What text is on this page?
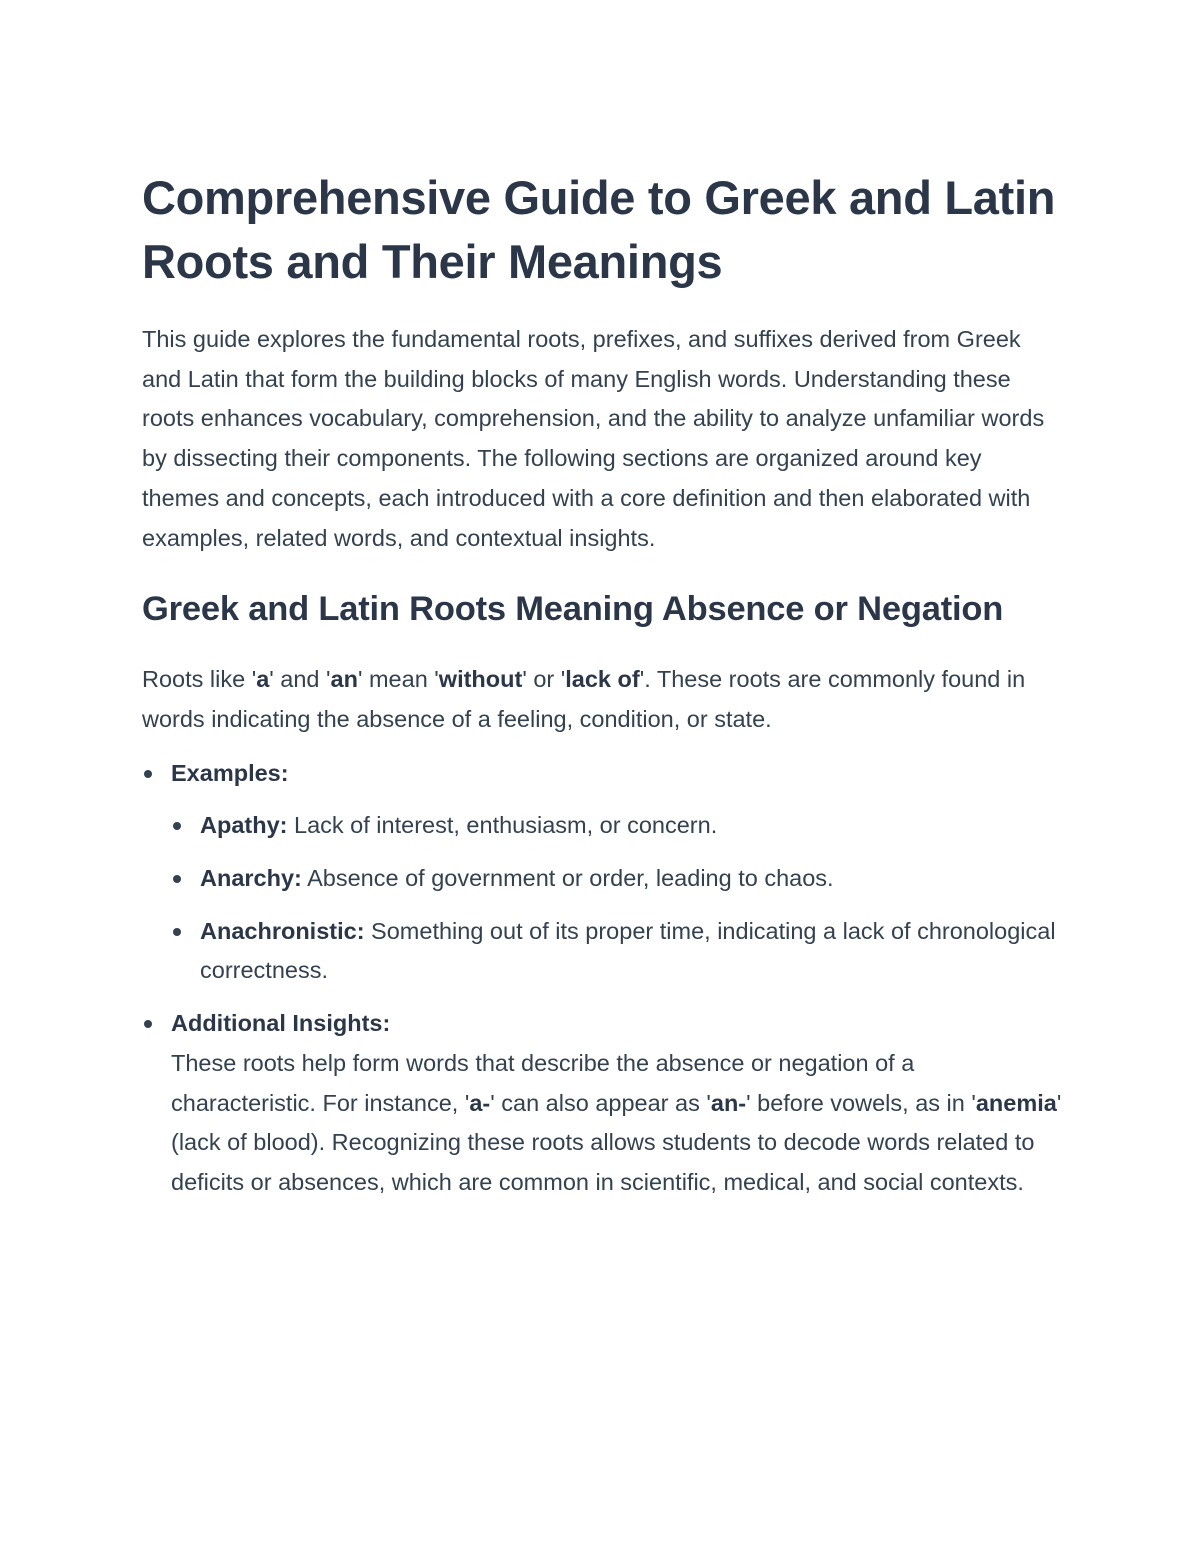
Comprehensive Guide to Greek and Latin Roots and Their Meanings

This guide explores the fundamental roots, prefixes, and suffixes derived from Greek and Latin that form the building blocks of many English words. Understanding these roots enhances vocabulary, comprehension, and the ability to analyze unfamiliar words by dissecting their components. The following sections are organized around key themes and concepts, each introduced with a core definition and then elaborated with examples, related words, and contextual insights.

Greek and Latin Roots Meaning Absence or Negation

Roots like 'a' and 'an' mean 'without' or 'lack of'. These roots are commonly found in words indicating the absence of a feeling, condition, or state.

Examples:
Apathy: Lack of interest, enthusiasm, or concern.
Anarchy: Absence of government or order, leading to chaos.
Anachronistic: Something out of its proper time, indicating a lack of chronological correctness.
Additional Insights:
These roots help form words that describe the absence or negation of a characteristic. For instance, 'a-' can also appear as 'an-' before vowels, as in 'anemia' (lack of blood). Recognizing these roots allows students to decode words related to deficits or absences, which are common in scientific, medical, and social contexts.
